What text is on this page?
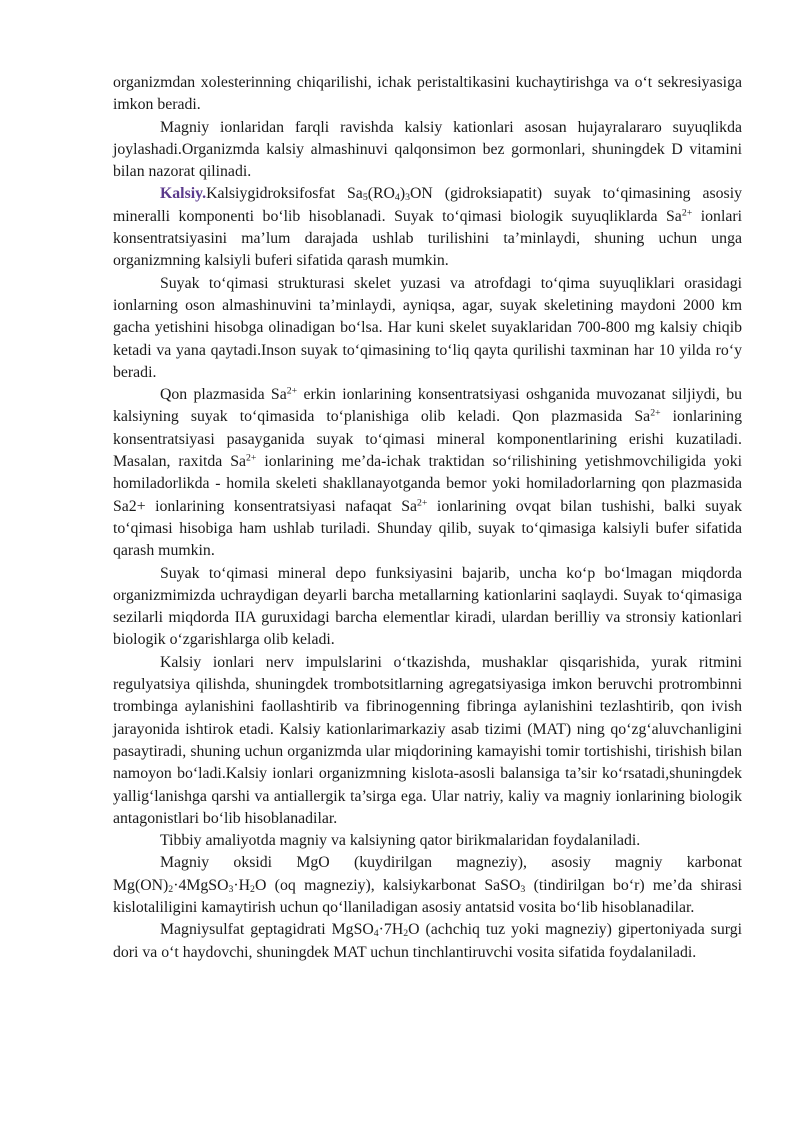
organizmdan xolesterinning chiqarilishi, ichak peristaltikasini kuchaytirishga va o‘t sekresiyasiga imkon beradi.

Magniy ionlaridan farqli ravishda kalsiy kationlari asosan hujayralararo suyuqlikda joylashadi.Organizmda kalsiy almashinuvi qalqonsimon bez gormonlari, shuningdek D vitamini bilan nazorat qilinadi.

Kalsiy.Kalsiygidroksifosfat $Sa_5(RO_4)_3ON$ (gidroksiapatit) suyak to‘qimasining asosiy mineralli komponenti bo‘lib hisoblanadi. Suyak to‘qimasi biologik suyuqliklarda $Sa^{2+}$ ionlari konsentratsiyasini ma’lum darajada ushlab turilishini ta’minlaydi, shuning uchun unga organizmning kalsiyli buferi sifatida qarash mumkin.

Suyak to‘qimasi strukturasi skelet yuzasi va atrofdagi to‘qima suyuqliklari orasidagi ionlarning oson almashinuvini ta’minlaydi, ayniqsa, agar, suyak skeletining maydoni 2000 km gacha yetishini hisobga olinadigan bo‘lsa. Har kuni skelet suyaklaridan 700-800 mg kalsiy chiqib ketadi va yana qaytadi.Inson suyak to‘qimasining to‘liq qayta qurilishi taxminan har 10 yilda ro‘y beradi.

Qon plazmasida $Sa^{2+}$ erkin ionlarining konsentratsiyasi oshganida muvozanat siljiydi, bu kalsiyning suyak to‘qimasida to‘planishiga olib keladi. Qon plazmasida $Sa^{2+}$ ionlarining konsentratsiyasi pasayganida suyak to‘qimasi mineral komponentlarining erishi kuzatiladi. Masalan, raxitda $Sa^{2+}$ ionlarining me’da-ichak traktidan so‘rilishining yetishmovchiligida yoki homiladorlikda - homila skeleti shakllanayotganda bemor yoki homiladorlarning qon plazmasida Sa2+ ionlarining konsentratsiyasi nafaqat $Sa^{2+}$ ionlarining ovqat bilan tushishi, balki suyak to‘qimasi hisobiga ham ushlab turiladi. Shunday qilib, suyak to‘qimasiga kalsiyli bufer sifatida qarash mumkin.

Suyak to‘qimasi mineral depo funksiyasini bajarib, uncha ko‘p bo‘lmagan miqdorda organizmimizda uchraydigan deyarli barcha metallarning kationlarini saqlaydi. Suyak to‘qimasiga sezilarli miqdorda IIA guruxidagi barcha elementlar kiradi, ulardan berilliy va stronsiy kationlari biologik o‘zgarishlarga olib keladi.

Kalsiy ionlari nerv impulslarini o‘tkazishda, mushaklar qisqarishida, yurak ritmini regulyatsiya qilishda, shuningdek trombotsitlarning agregatsiyasiga imkon beruvchi protrombinni trombinga aylanishini faollashtirib va fibrinogenning fibringa aylanishini tezlashtirib, qon ivish jarayonida ishtirok etadi. Kalsiy kationlarimarkaziy asab tizimi (MAT) ning qo‘zg‘aluvchanligini pasaytiradi, shuning uchun organizmda ular miqdorining kamayishi tomir tortishishi, tirishish bilan namoyon bo‘ladi.Kalsiy ionlari organizmning kislota-asosli balansiga ta’sir ko‘rsatadi,shuningdek yallig‘lanishga qarshi va antiallergik ta’sirga ega. Ular natriy, kaliy va magniy ionlarining biologik antagonistlari bo‘lib hisoblanadilar.

Tibbiy amaliyotda magniy va kalsiyning qator birikmalaridan foydalaniladi.

Magniy oksidi MgO (kuydirilgan magneziy), asosiy magniy karbonat $Mg(ON)_2\cdot 4MgSO_3\cdot H_2O$ (oq magneziy), kalsiykarbonat SaSO$_3$ (tindirilgan bo‘r) me’da shirasi kislotaliligini kamaytirish uchun qo‘llaniladigan asosiy antatsid vosita bo‘lib hisoblanadilar.

Magniysulfat geptagidrati $MgSO_4\cdot 7H_2O$ (achchiq tuz yoki magneziy) gipertoniyada surgi dori va o‘t haydovchi, shuningdek MAT uchun tinchlantiruvchi vosita sifatida foydalaniladi.
